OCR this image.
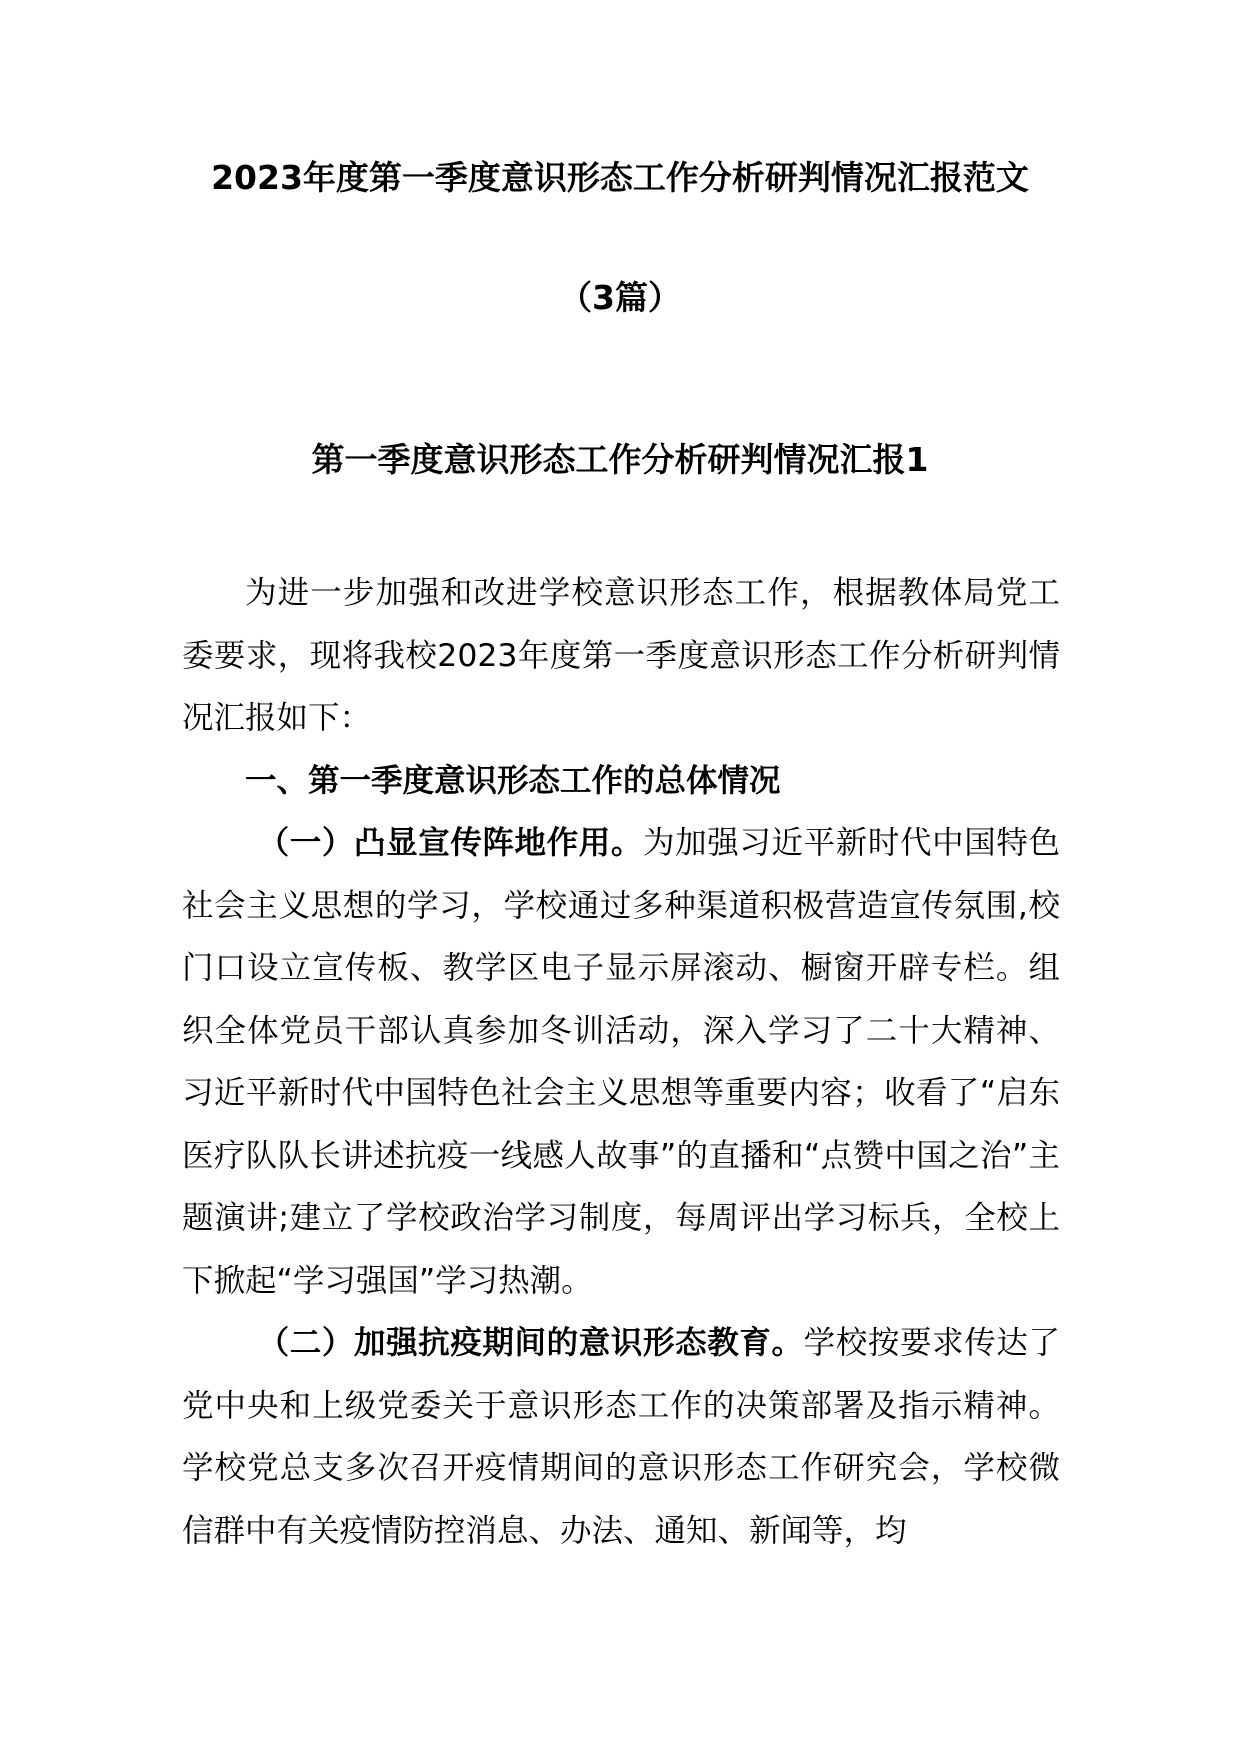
2023年度第一季度意识形态工作分析研判情况汇报范文
（3篇）
第一季度意识形态工作分析研判情况汇报1

为进一步加强和改进学校意识形态工作，根据教体局党工委要求，现将我校2023年度第一季度意识形态工作分析研判情况汇报如下：

一、第一季度意识形态工作的总体情况

（一）凸显宣传阵地作用。为加强习近平新时代中国特色社会主义思想的学习，学校通过多种渠道积极营造宣传氛围,校门口设立宣传板、教学区电子显示屏滚动、橱窗开辟专栏。组织全体党员干部认真参加冬训活动，深入学习了二十大精神、习近平新时代中国特色社会主义思想等重要内容；收看了“启东医疗队队长讲述抗疫一线感人故事”的直播和“点赞中国之治”主题演讲;建立了学校政治学习制度，每周评出学习标兵，全校上下掀起“学习强国”学习热潮。

（二）加强抗疫期间的意识形态教育。学校按要求传达了党中央和上级党委关于意识形态工作的决策部署及指示精神。学校党总支多次召开疫情期间的意识形态工作研究会，学校微信群中有关疫情防控消息、办法、通知、新闻等，均
